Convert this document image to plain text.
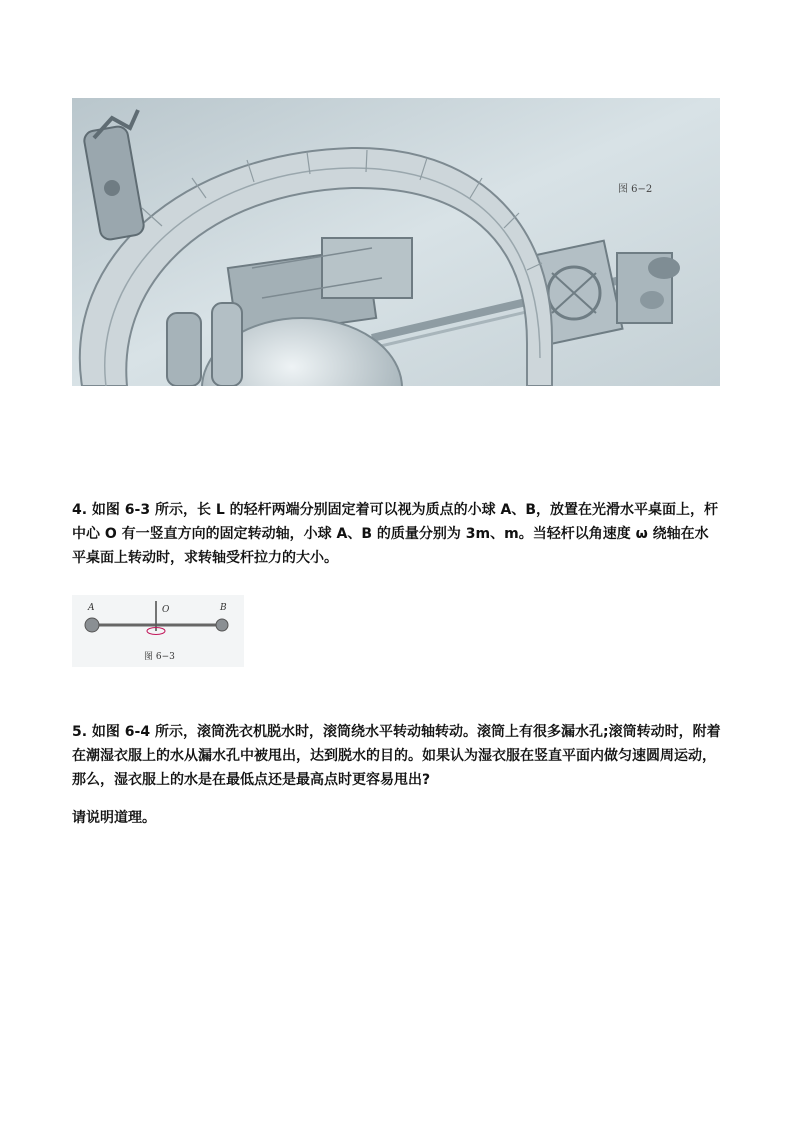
图 6−2

4. 如图 6-3 所示，长 L 的轻杆两端分别固定着可以视为质点的小球 A、B，放置在光滑水平桌面上，杆中心 O 有一竖直方向的固定转动轴，小球 A、B 的质量分别为 3m、m。当轻杆以角速度 ω 绕轴在水平桌面上转动时，求转轴受杆拉力的大小。

A	O	B
图 6−3

5. 如图 6-4 所示，滚筒洗衣机脱水时，滚筒绕水平转动轴转动。滚筒上有很多漏水孔;滚筒转动时，附着在潮湿衣服上的水从漏水孔中被甩出，达到脱水的目的。如果认为湿衣服在竖直平面内做匀速圆周运动，那么，湿衣服上的水是在最低点还是最高点时更容易甩出?

请说明道理。
